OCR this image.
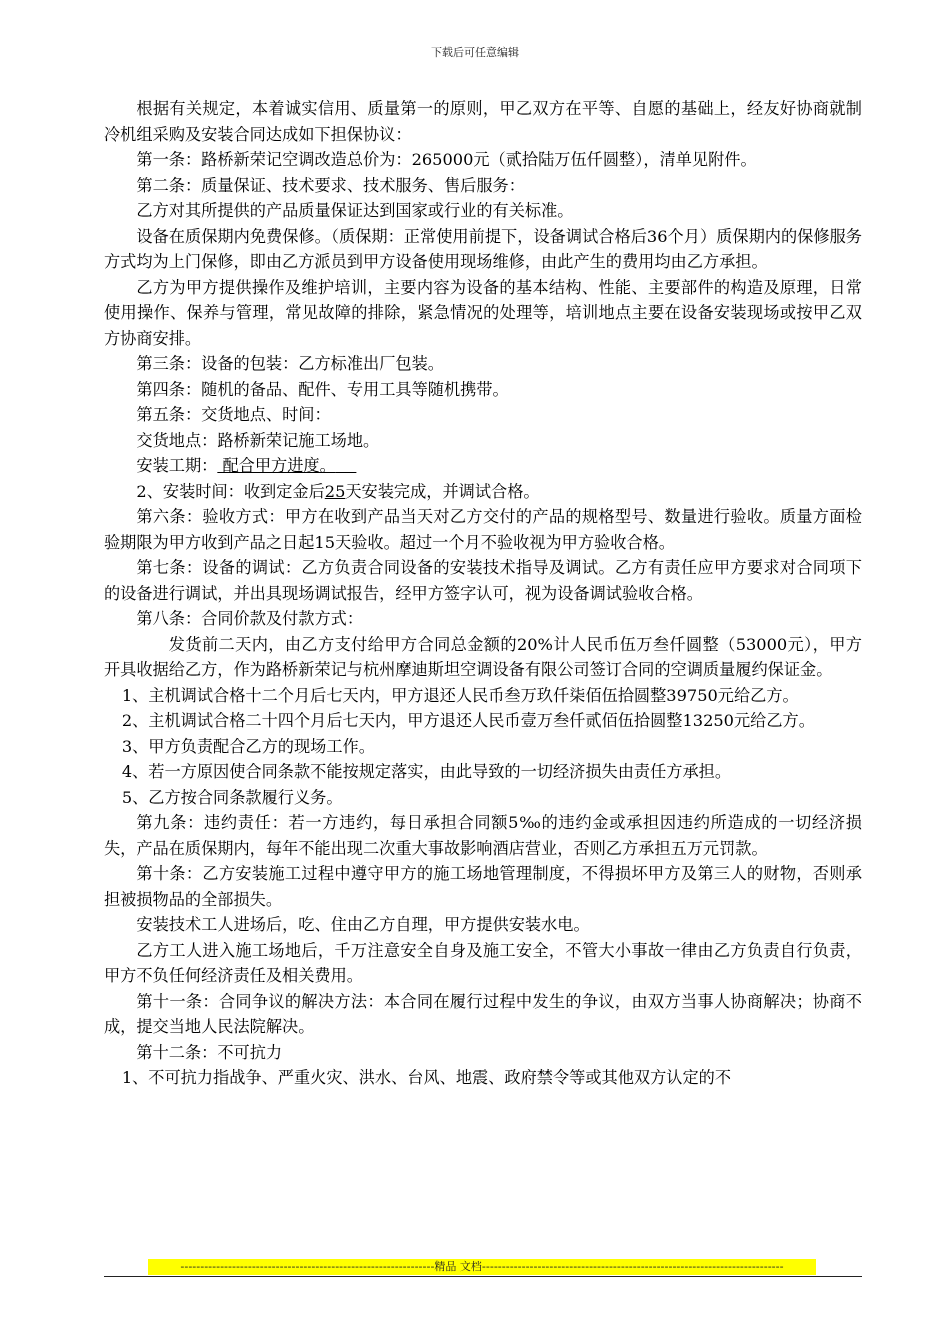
下载后可任意编辑

根据有关规定，本着诚实信用、质量第一的原则，甲乙双方在平等、自愿的基础上，经友好协商就制冷机组采购及安装合同达成如下担保协议：

第一条：路桥新荣记空调改造总价为：265000元（贰拾陆万伍仟圆整），清单见附件。

第二条：质量保证、技术要求、技术服务、售后服务：

乙方对其所提供的产品质量保证达到国家或行业的有关标准。

设备在质保期内免费保修。（质保期：正常使用前提下，设备调试合格后36个月）质保期内的保修服务方式均为上门保修，即由乙方派员到甲方设备使用现场维修，由此产生的费用均由乙方承担。

乙方为甲方提供操作及维护培训，主要内容为设备的基本结构、性能、主要部件的构造及原理，日常使用操作、保养与管理，常见故障的排除，紧急情况的处理等，培训地点主要在设备安装现场或按甲乙双方协商安排。

第三条：设备的包装：乙方标准出厂包装。

第四条：随机的备品、配件、专用工具等随机携带。

第五条：交货地点、时间：

交货地点：路桥新荣记施工场地。

安装工期： 配合甲方进度。

2、安装时间：收到定金后25天安装完成，并调试合格。

第六条：验收方式：甲方在收到产品当天对乙方交付的产品的规格型号、数量进行验收。质量方面检验期限为甲方收到产品之日起15天验收。超过一个月不验收视为甲方验收合格。

第七条：设备的调试：乙方负责合同设备的安装技术指导及调试。乙方有责任应甲方要求对合同项下的设备进行调试，并出具现场调试报告，经甲方签字认可，视为设备调试验收合格。

第八条：合同价款及付款方式：

发货前二天内，由乙方支付给甲方合同总金额的20%计人民币伍万叁仟圆整（53000元），甲方开具收据给乙方，作为路桥新荣记与杭州摩迪斯坦空调设备有限公司签订合同的空调质量履约保证金。

1、主机调试合格十二个月后七天内，甲方退还人民币叁万玖仟柒佰伍拾圆整39750元给乙方。

2、主机调试合格二十四个月后七天内，甲方退还人民币壹万叁仟贰佰伍拾圆整13250元给乙方。

3、甲方负责配合乙方的现场工作。

4、若一方原因使合同条款不能按规定落实，由此导致的一切经济损失由责任方承担。

5、乙方按合同条款履行义务。

第九条：违约责任：若一方违约，每日承担合同额5‰的违约金或承担因违约所造成的一切经济损失，产品在质保期内，每年不能出现二次重大事故影响酒店营业，否则乙方承担五万元罚款。

第十条：乙方安装施工过程中遵守甲方的施工场地管理制度，不得损坏甲方及第三人的财物，否则承担被损物品的全部损失。

安装技术工人进场后，吃、住由乙方自理，甲方提供安装水电。

乙方工人进入施工场地后，千万注意安全自身及施工安全，不管大小事故一律由乙方负责自行负责，甲方不负任何经济责任及相关费用。

第十一条：合同争议的解决方法：本合同在履行过程中发生的争议，由双方当事人协商解决；协商不成，提交当地人民法院解决。

第十二条：不可抗力

1、不可抗力指战争、严重火灾、洪水、台风、地震、政府禁令等或其他双方认定的不

----------------------------------------------------------------精品 文档----------------------------------------------------------------------------
